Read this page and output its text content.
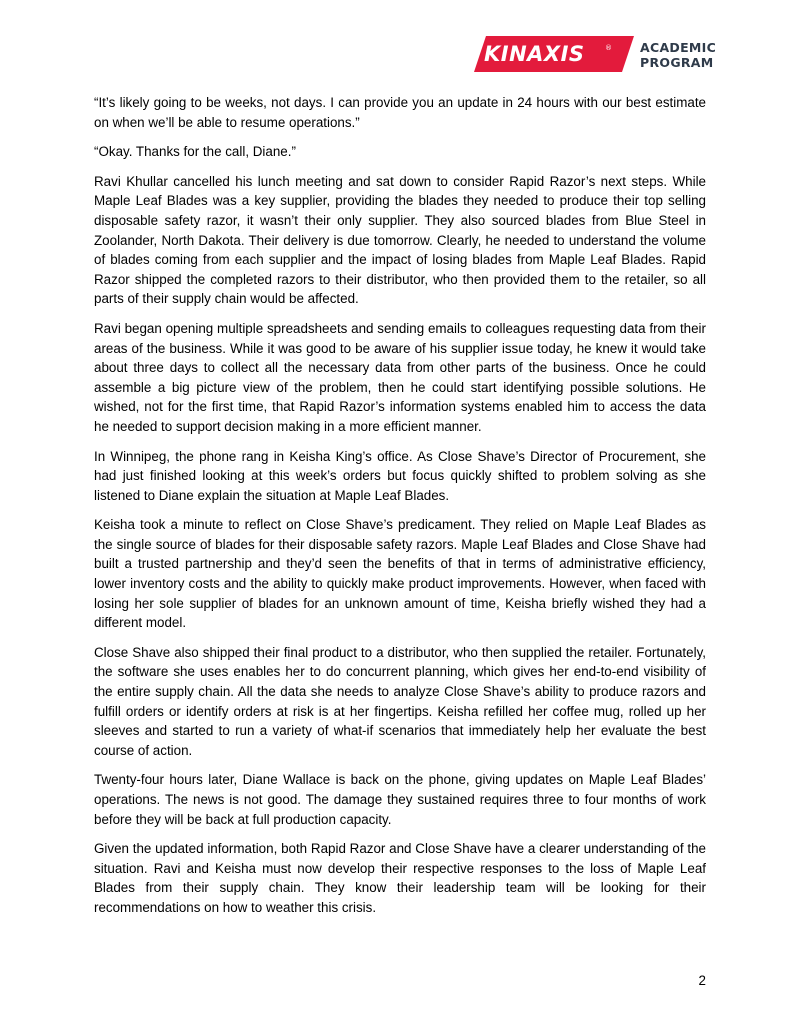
KINAXIS	® ACADEMIC
PROGRAM

“It’s likely going to be weeks, not days. I can provide you an update in 24 hours with our best estimate on when we’ll be able to resume operations.”

“Okay. Thanks for the call, Diane.”

Ravi Khullar cancelled his lunch meeting and sat down to consider Rapid Razor’s next steps. While Maple Leaf Blades was a key supplier, providing the blades they needed to produce their top selling disposable safety razor, it wasn’t their only supplier. They also sourced blades from Blue Steel in Zoolander, North Dakota. Their delivery is due tomorrow. Clearly, he needed to understand the volume of blades coming from each supplier and the impact of losing blades from Maple Leaf Blades. Rapid Razor shipped the completed razors to their distributor, who then provided them to the retailer, so all parts of their supply chain would be affected.

Ravi began opening multiple spreadsheets and sending emails to colleagues requesting data from their areas of the business. While it was good to be aware of his supplier issue today, he knew it would take about three days to collect all the necessary data from other parts of the business. Once he could assemble a big picture view of the problem, then he could start identifying possible solutions. He wished, not for the first time, that Rapid Razor’s information systems enabled him to access the data he needed to support decision making in a more efficient manner.

In Winnipeg, the phone rang in Keisha King’s office. As Close Shave’s Director of Procurement, she had just finished looking at this week’s orders but focus quickly shifted to problem solving as she listened to Diane explain the situation at Maple Leaf Blades.

Keisha took a minute to reflect on Close Shave’s predicament. They relied on Maple Leaf Blades as the single source of blades for their disposable safety razors. Maple Leaf Blades and Close Shave had built a trusted partnership and they’d seen the benefits of that in terms of administrative efficiency, lower inventory costs and the ability to quickly make product improvements. However, when faced with losing her sole supplier of blades for an unknown amount of time, Keisha briefly wished they had a different model.

Close Shave also shipped their final product to a distributor, who then supplied the retailer. Fortunately, the software she uses enables her to do concurrent planning, which gives her end-to-end visibility of the entire supply chain. All the data she needs to analyze Close Shave’s ability to produce razors and fulfill orders or identify orders at risk is at her fingertips. Keisha refilled her coffee mug, rolled up her sleeves and started to run a variety of what-if scenarios that immediately help her evaluate the best course of action.

Twenty-four hours later, Diane Wallace is back on the phone, giving updates on Maple Leaf Blades’ operations. The news is not good. The damage they sustained requires three to four months of work before they will be back at full production capacity.

Given the updated information, both Rapid Razor and Close Shave have a clearer understanding of the situation. Ravi and Keisha must now develop their respective responses to the loss of Maple Leaf Blades from their supply chain. They know their leadership team will be looking for their recommendations on how to weather this crisis.

2
